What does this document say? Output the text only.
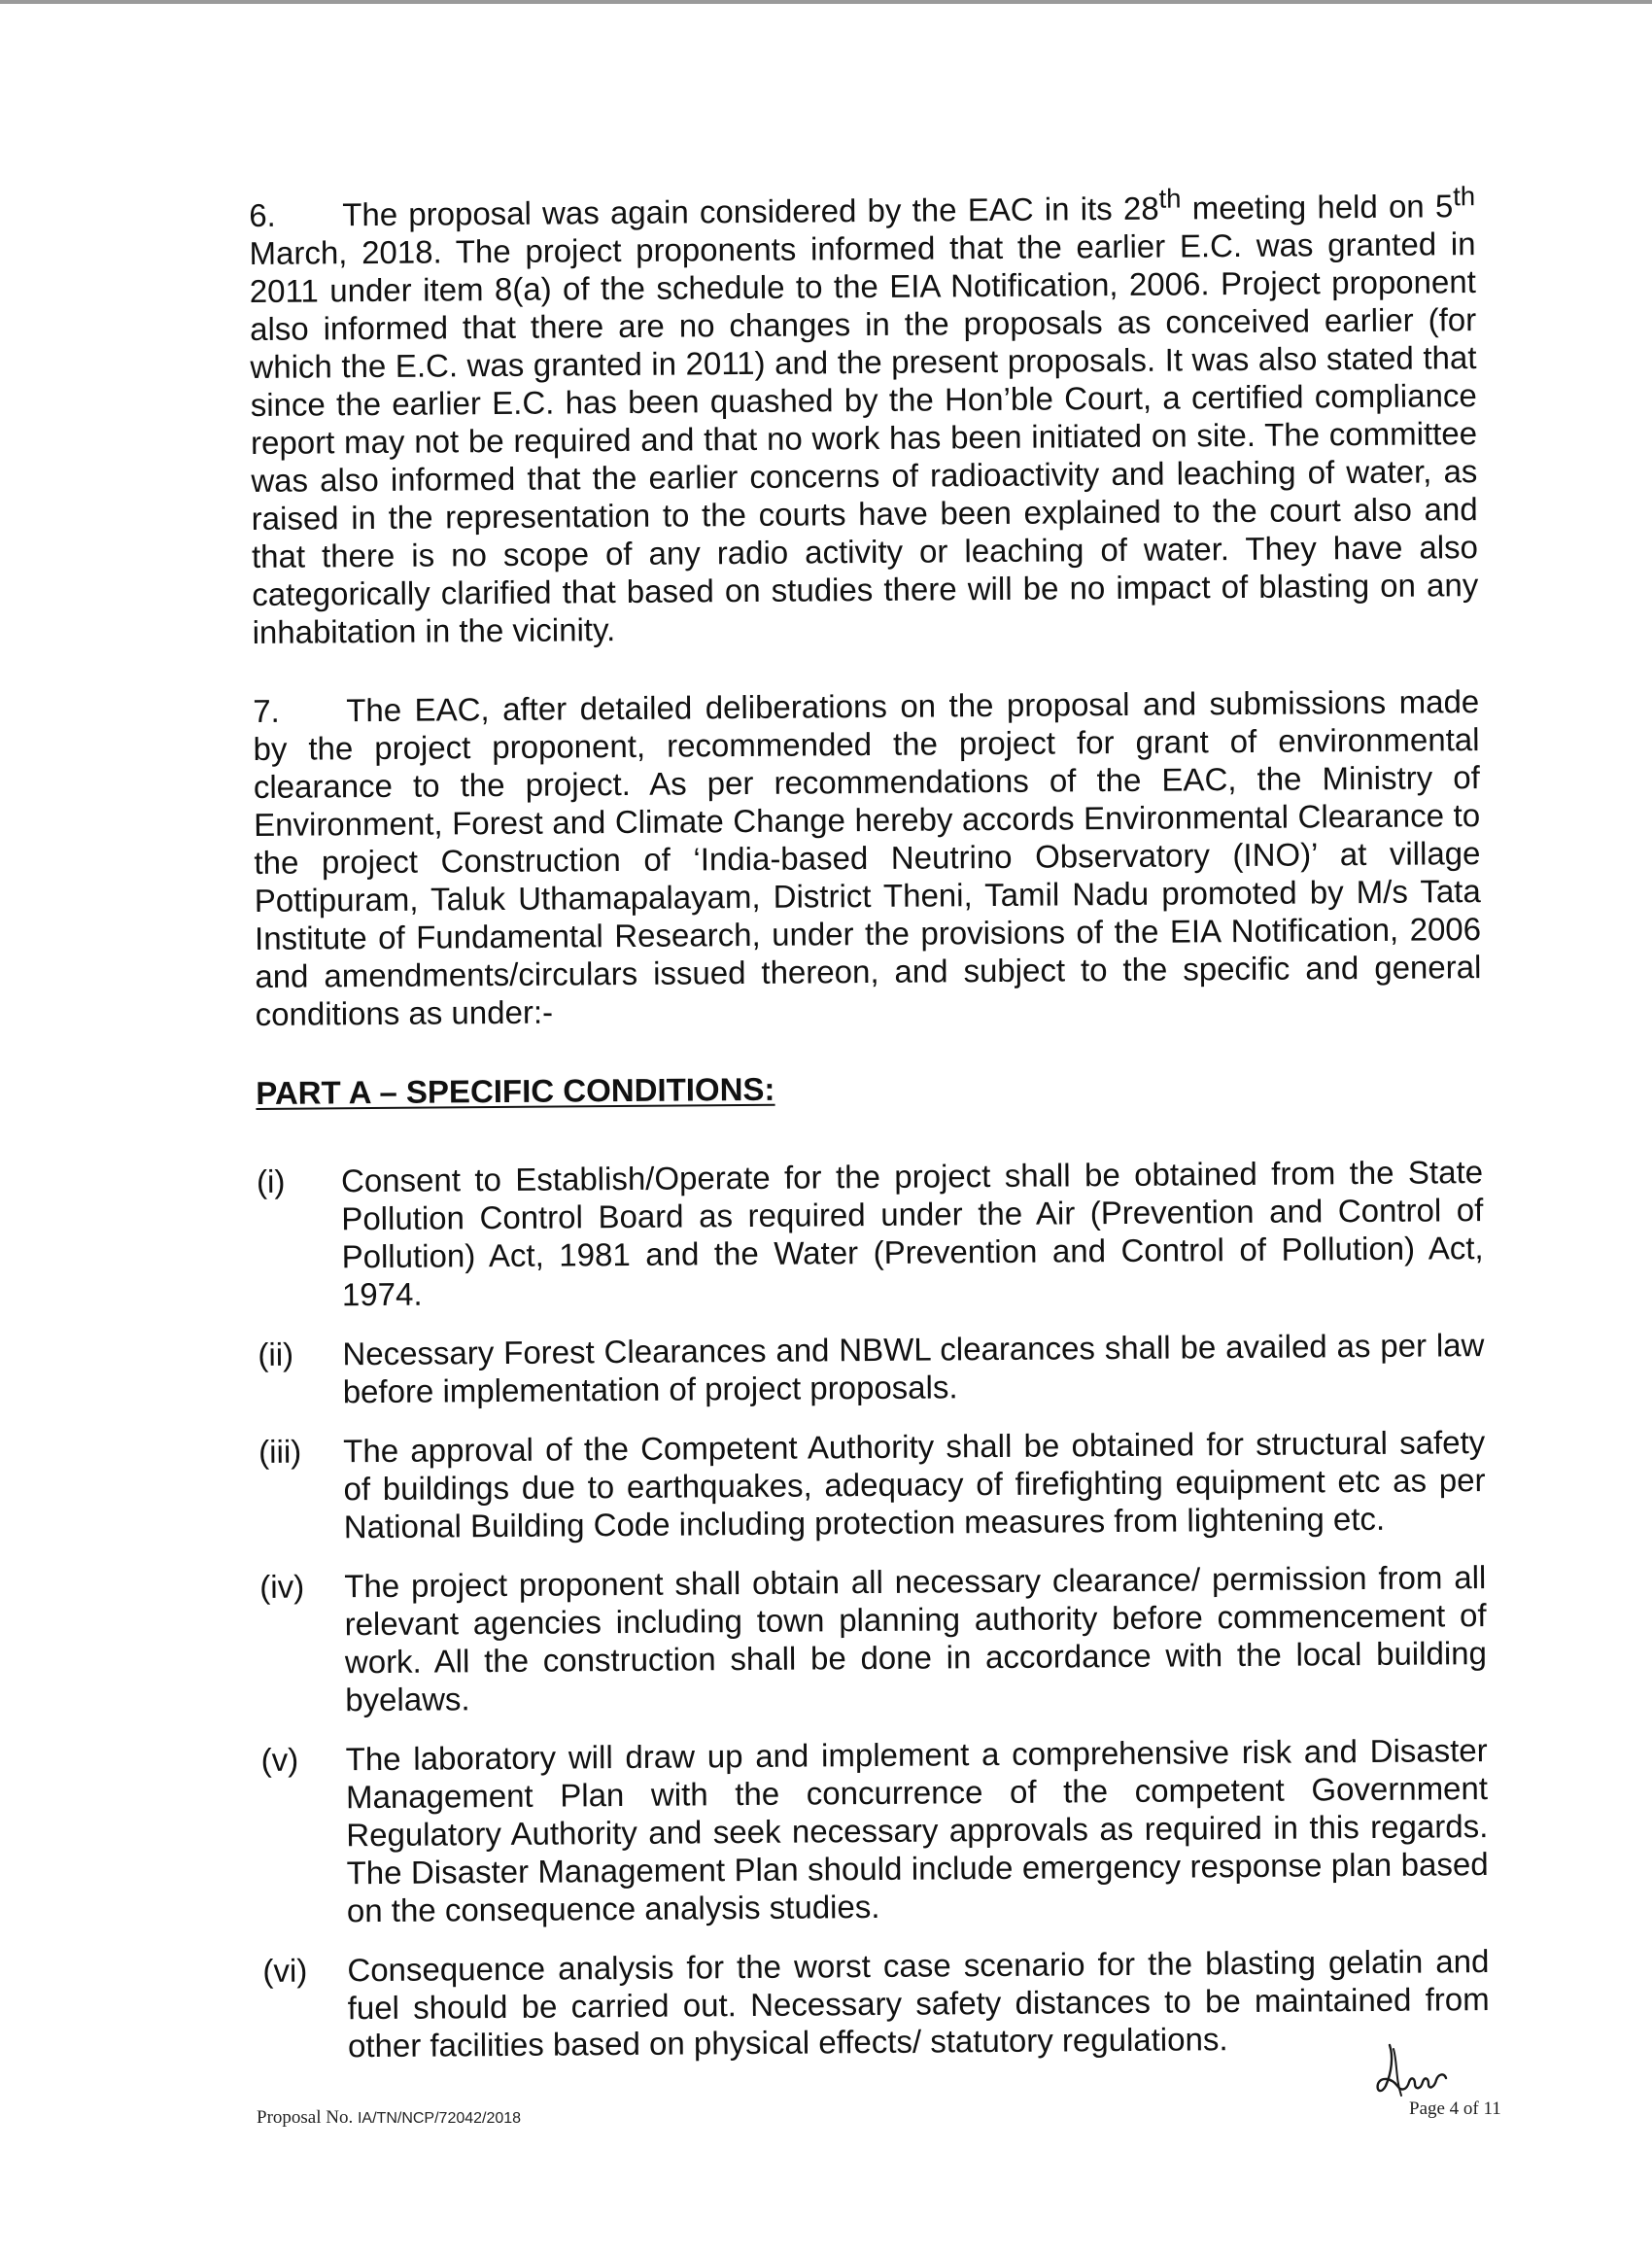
6. The proposal was again considered by the EAC in its 28th meeting held on 5th March, 2018. The project proponents informed that the earlier E.C. was granted in 2011 under item 8(a) of the schedule to the EIA Notification, 2006. Project proponent also informed that there are no changes in the proposals as conceived earlier (for which the E.C. was granted in 2011) and the present proposals. It was also stated that since the earlier E.C. has been quashed by the Hon’ble Court, a certified compliance report may not be required and that no work has been initiated on site. The committee was also informed that the earlier concerns of radioactivity and leaching of water, as raised in the representation to the courts have been explained to the court also and that there is no scope of any radio activity or leaching of water. They have also categorically clarified that based on studies there will be no impact of blasting on any inhabitation in the vicinity.

7. The EAC, after detailed deliberations on the proposal and submissions made by the project proponent, recommended the project for grant of environmental clearance to the project. As per recommendations of the EAC, the Ministry of Environment, Forest and Climate Change hereby accords Environmental Clearance to the project Construction of ‘India-based Neutrino Observatory (INO)’ at village Pottipuram, Taluk Uthamapalayam, District Theni, Tamil Nadu promoted by M/s Tata Institute of Fundamental Research, under the provisions of the EIA Notification, 2006 and amendments/circulars issued thereon, and subject to the specific and general conditions as under:-

PART A – SPECIFIC CONDITIONS:
(i)	Consent to Establish/Operate for the project shall be obtained from the State Pollution Control Board as required under the Air (Prevention and Control of Pollution) Act, 1981 and the Water (Prevention and Control of Pollution) Act, 1974.
(ii)	Necessary Forest Clearances and NBWL clearances shall be availed as per law before implementation of project proposals.
(iii)	The approval of the Competent Authority shall be obtained for structural safety of buildings due to earthquakes, adequacy of firefighting equipment etc as per National Building Code including protection measures from lightening etc.
(iv)	The project proponent shall obtain all necessary clearance/ permission from all relevant agencies including town planning authority before commencement of work. All the construction shall be done in accordance with the local building byelaws.
(v)	The laboratory will draw up and implement a comprehensive risk and Disaster Management Plan with the concurrence of the competent Government Regulatory Authority and seek necessary approvals as required in this regards. The Disaster Management Plan should include emergency response plan based on the consequence analysis studies.
(vi)	Consequence analysis for the worst case scenario for the blasting gelatin and fuel should be carried out. Necessary safety distances to be maintained from other facilities based on physical effects/ statutory regulations.
Proposal No. IA/TN/NCP/72042/2018	Page 4 of 11
